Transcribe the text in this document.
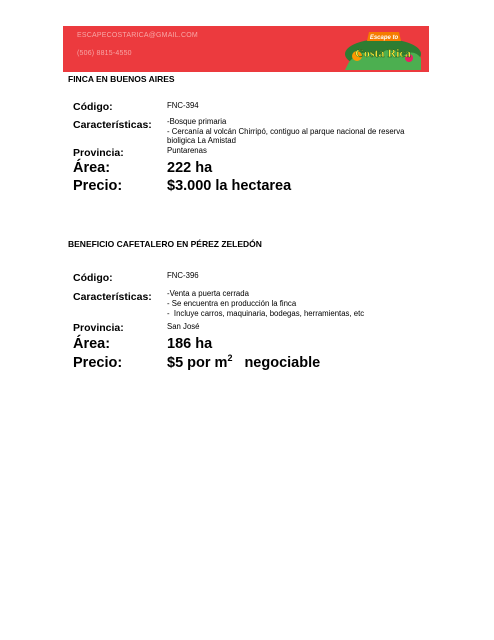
ESCAPECOSTARICA@GMAIL.COM
(506) 8815-4550
Escape to
Costa Rica
FINCA EN BUENOS AIRES
Código:	FNC-394
Características: -Bosque primaria
- Cercanía al volcán Chirripó, contiguo al parque nacional de reserva
bioligica La Amistad
Provincia:	Puntarenas
Área:	222 ha
Precio:	$3.000 la hectarea
BENEFICIO CAFETALERO EN PÉREZ ZELEDÓN
Código:	FNC-396
Características: -Venta a puerta cerrada
- Se encuentra en producción la finca
-  Incluye carros, maquinaria, bodegas, herramientas, etc
Provincia:	San José
Área:	186 ha
Precio:	$5 por $m^2$ negociable
